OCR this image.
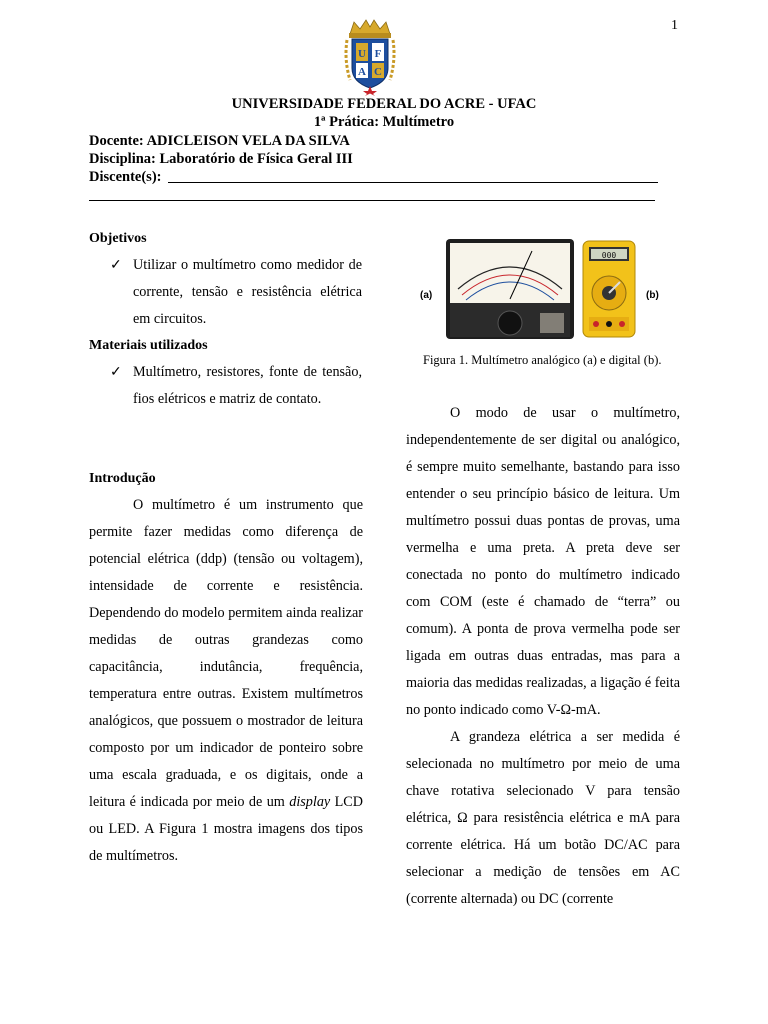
1
U F
A C
UNIVERSIDADE FEDERAL DO ACRE - UFAC
1ª Prática: Multímetro
Docente: ADICLEISON VELA DA SILVA
Disciplina: Laboratório de Física Geral III
Discente(s):
Objetivos
✓ Utilizar o multímetro como medidor de corrente, tensão e resistência elétrica em circuitos.
Materiais utilizados
✓ Multímetro, resistores, fonte de tensão, fios elétricos e matriz de contato.
Introdução

O multímetro é um instrumento que permite fazer medidas como diferença de potencial elétrica (ddp) (tensão ou voltagem), intensidade de corrente e resistência. Dependendo do modelo permitem ainda realizar medidas de outras grandezas como capacitância, indutância, frequência, temperatura entre outras. Existem multímetros analógicos, que possuem o mostrador de leitura composto por um indicador de ponteiro sobre uma escala graduada, e os digitais, onde a leitura é indicada por meio de um display LCD ou LED. A Figura 1 mostra imagens dos tipos de multímetros.

(a)
000
(b)
Figura 1. Multímetro analógico (a) e digital (b).

O modo de usar o multímetro, independentemente de ser digital ou analógico, é sempre muito semelhante, bastando para isso entender o seu princípio básico de leitura. Um multímetro possui duas pontas de provas, uma vermelha e uma preta. A preta deve ser conectada no ponto do multímetro indicado com COM (este é chamado de “terra” ou comum). A ponta de prova vermelha pode ser ligada em outras duas entradas, mas para a maioria das medidas realizadas, a ligação é feita no ponto indicado como V-Ω-mA.

A grandeza elétrica a ser medida é selecionada no multímetro por meio de uma chave rotativa selecionado V para tensão elétrica, Ω para resistência elétrica e mA para corrente elétrica. Há um botão DC/AC para selecionar a medição de tensões em AC (corrente alternada) ou DC (corrente
